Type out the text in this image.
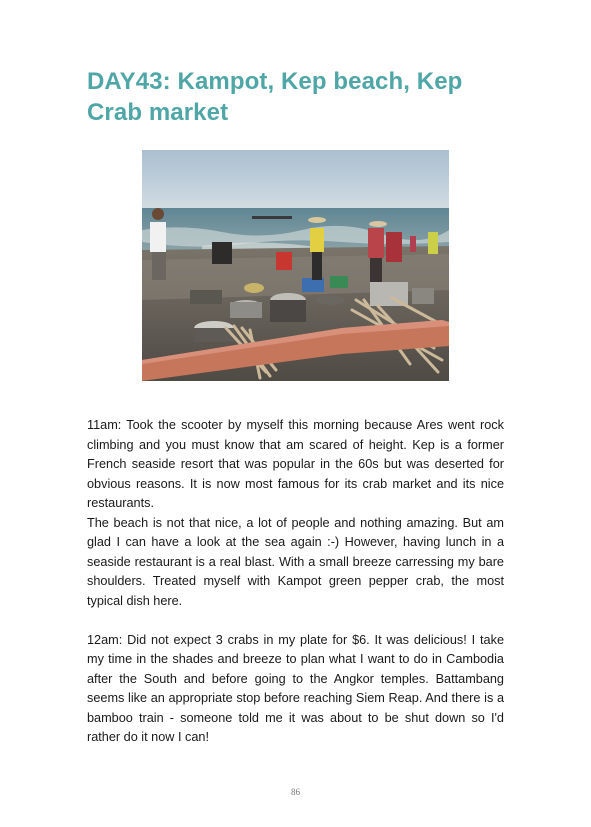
DAY43: Kampot, Kep beach, Kep Crab market

11am: Took the scooter by myself this morning because Ares went rock climbing and you must know that am scared of height. Kep is a former French seaside resort that was popular in the 60s but was deserted for obvious reasons. It is now most famous for its crab market and its nice restaurants.

The beach is not that nice, a lot of people and nothing amazing. But am glad I can have a look at the sea again :-) However, having lunch in a seaside restaurant is a real blast. With a small breeze carressing my bare shoulders. Treated myself with Kampot green pepper crab, the most typical dish here.

12am: Did not expect 3 crabs in my plate for $6. It was delicious! I take my time in the shades and breeze to plan what I want to do in Cambodia after the South and before going to the Angkor temples. Battambang seems like an appropriate stop before reaching Siem Reap. And there is a bamboo train - someone told me it was about to be shut down so I'd rather do it now I can!

86
